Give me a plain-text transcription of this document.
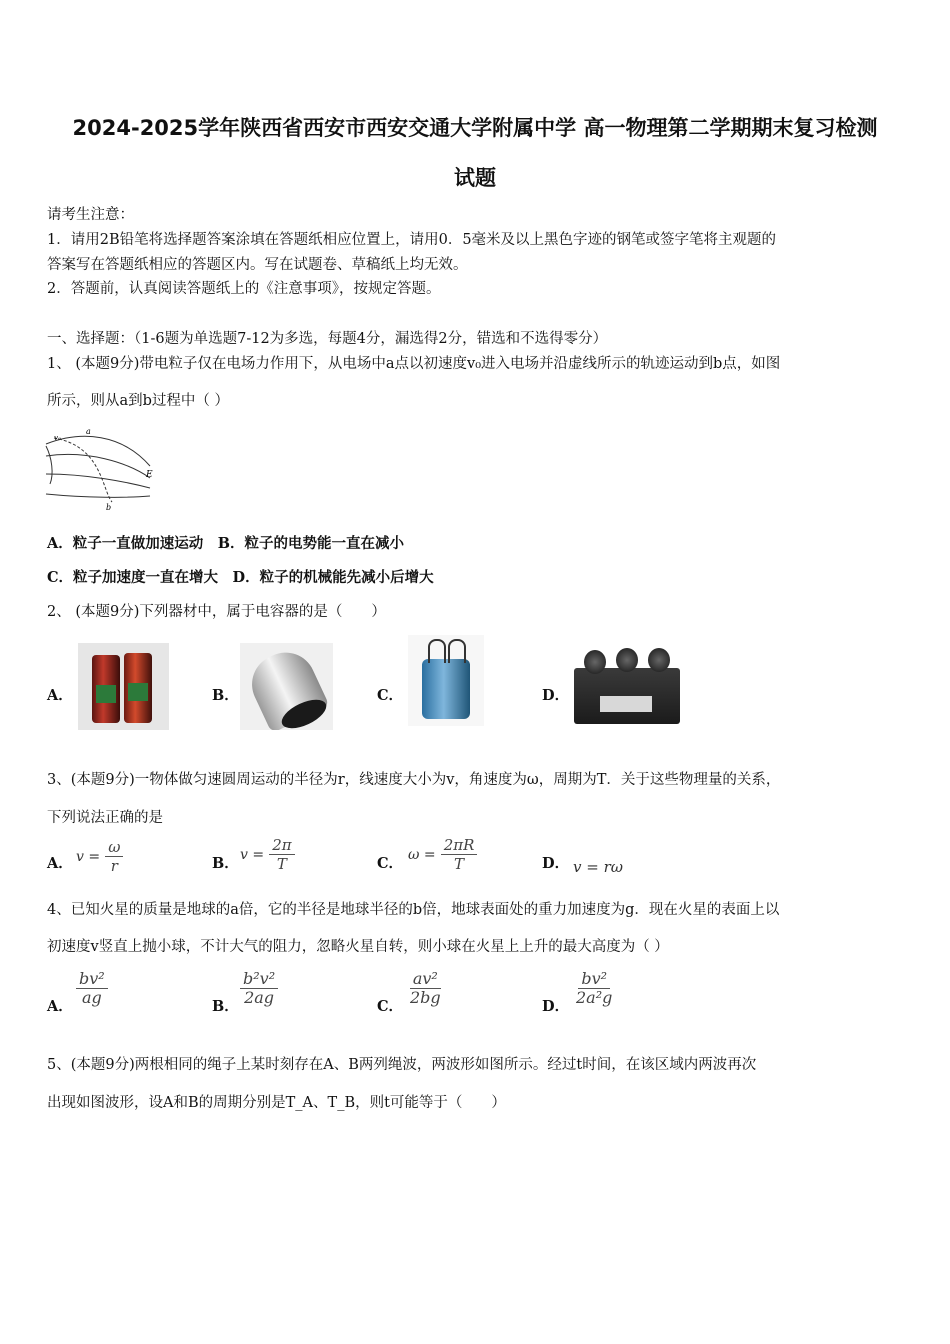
2024-2025学年陕西省西安市西安交通大学附属中学 高一物理第二学期期末复习检测
试题
请考生注意：
1．请用2B铅笔将选择题答案涂填在答题纸相应位置上，请用0．5毫米及以上黑色字迹的钢笔或签字笔将主观题的
答案写在答题纸相应的答题区内。写在试题卷、草稿纸上均无效。
2．答题前，认真阅读答题纸上的《注意事项》，按规定答题。
一、选择题：（1-6题为单选题7-12为多选，每题4分，漏选得2分，错选和不选得零分）
1、 (本题9分)带电粒子仅在电场力作用下，从电场中a点以初速度v₀进入电场并沿虚线所示的轨迹运动到b点，如图
所示，则从a到b过程中（ ）
a
v₀
E
b
A．粒子一直做加速运动　B．粒子的电势能一直在减小
C．粒子加速度一直在增大　D．粒子的机械能先减小后增大
2、 (本题9分)下列器材中，属于电容器的是（　　）
A．	B．	C．	D．
3、(本题9分)一物体做匀速圆周运动的半径为r，线速度大小为v，角速度为ω，周期为T．关于这些物理量的关系，
下列说法正确的是
A． $v = \frac{\omega}{r}$	B． $v = \frac{2\pi}{T}$	C． $\omega = \frac{2\pi R}{T}$	D． v = rω
4、已知火星的质量是地球的a倍，它的半径是地球半径的b倍，地球表面处的重力加速度为g．现在火星的表面上以
初速度v竖直上抛小球，不计大气的阻力，忽略火星自转，则小球在火星上上升的最大高度为（ ）
A． $\frac{\text{bv²}}{ag}$	B． $\frac{\text{b²v²}}{2ag}$	C． $\frac{\text{av²}}{2bg}$	D． $\frac{\text{bv²}}{\text{2a²g}}$
5、(本题9分)两根相同的绳子上某时刻存在A、B两列绳波，两波形如图所示。经过t时间，在该区域内两波再次
出现如图波形，设A和B的周期分别是T_A、T_B，则t可能等于（　　）
